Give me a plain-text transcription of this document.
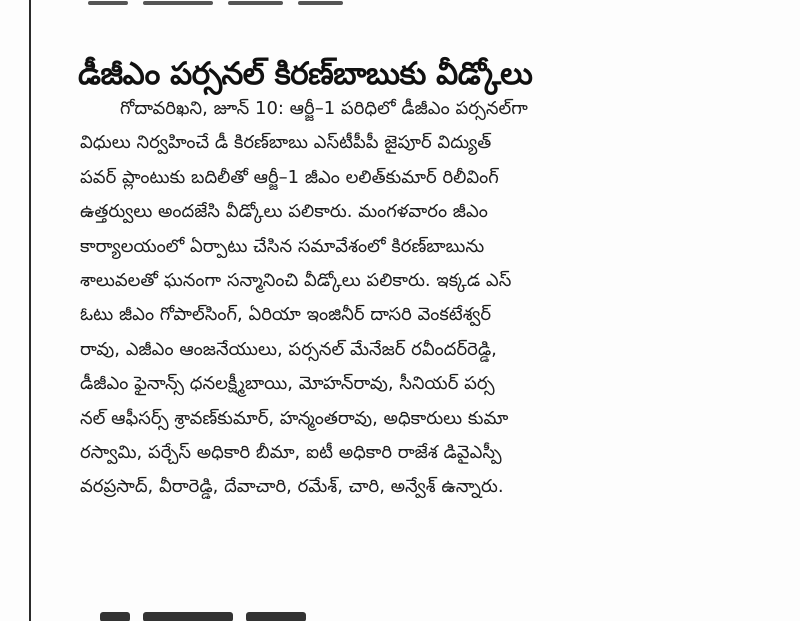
డీజీఎం పర్సనల్ కిరణ్‌బాబుకు వీడ్కోలు
గోదావరిఖని, జూన్ 10: ఆర్జీ–1 పరిధిలో డీజీఎం పర్సనల్‌గా
విధులు నిర్వహించే డీ కిరణ్‌బాబు ఎస్‌టీపీపీ జైపూర్ విద్యుత్
పవర్ ప్లాంటుకు బదిలీతో ఆర్జీ–1 జీఎం లలిత్‌కుమార్ రిలీవింగ్
ఉత్తర్వులు అందజేసి వీడ్కోలు పలికారు. మంగళవారం జీఎం
కార్యాలయంలో ఏర్పాటు చేసిన సమావేశంలో కిరణ్‌బాబును
శాలువలతో ఘనంగా సన్మానించి వీడ్కోలు పలికారు. ఇక్కడ ఎస్
ఓటు జీఎం గోపాల్‌సింగ్, ఏరియా ఇంజినీర్ దాసరి వెంకటేశ్వర్
రావు, ఎజీఎం ఆంజనేయులు, పర్సనల్ మేనేజర్ రవీందర్‌రెడ్డి,
డీజీఎం ఫైనాన్స్ ధనలక్ష్మీబాయి, మోహన్‌రావు, సీనియర్ పర్స
నల్ ఆఫీసర్స్ శ్రావణ్‌కుమార్, హన్మంతరావు, అధికారులు కుమా
రస్వామి, పర్చేస్ అధికారి బీమా, ఐటీ అధికారి రాజేశ డివైఎస్పీ
వరప్రసాద్, వీరారెడ్డి, దేవాచారి, రమేశ్, చారి, అన్వేశ్ ఉన్నారు.
